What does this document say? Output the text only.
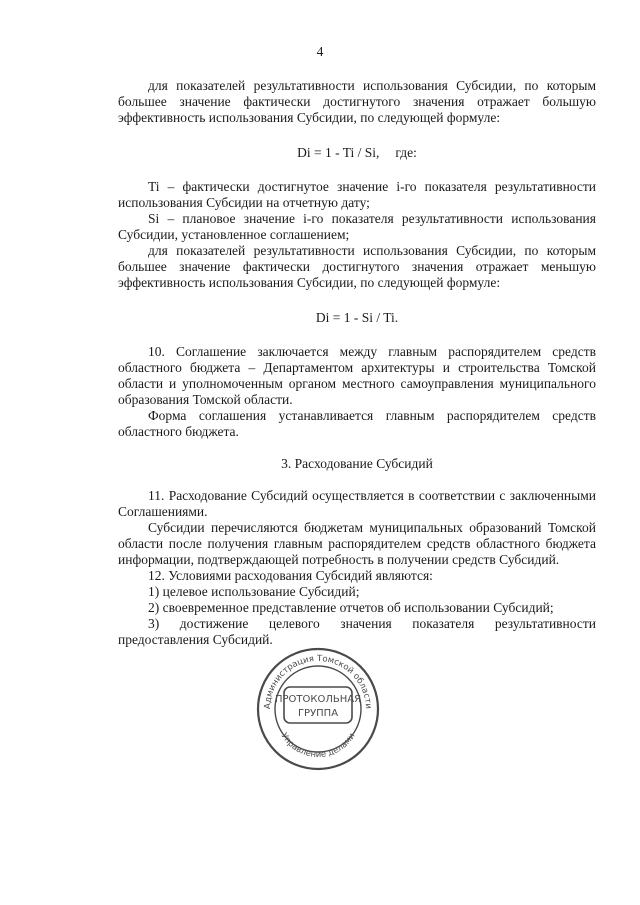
4

для показателей результативности использования Субсидии, по которым большее значение фактически достигнутого значения отражает большую эффективность использования Субсидии, по следующей формуле:

Di = 1 - Ti / Si, где:

Ti – фактически достигнутое значение i-го показателя результативности использования Субсидии на отчетную дату;

Si – плановое значение i-го показателя результативности использования Субсидии, установленное соглашением;

для показателей результативности использования Субсидии, по которым большее значение фактически достигнутого значения отражает меньшую эффективность использования Субсидии, по следующей формуле:

Di = 1 - Si / Ti.

10. Соглашение заключается между главным распорядителем средств областного бюджета – Департаментом архитектуры и строительства Томской области и уполномоченным органом местного самоуправления муниципального образования Томской области.

Форма соглашения устанавливается главным распорядителем средств областного бюджета.

3. Расходование Субсидий

11. Расходование Субсидий осуществляется в соответствии с заключенными Соглашениями.

Субсидии перечисляются бюджетам муниципальных образований Томской области после получения главным распорядителем средств областного бюджета информации, подтверждающей потребность в получении средств Субсидий.

12. Условиями расходования Субсидий являются:

1) целевое использование Субсидий;

2) своевременное представление отчетов об использовании Субсидий;

3) достижение целевого значения показателя результативности предоставления Субсидий.

Администрация Томской области
Управление делами
ПРОТОКОЛЬНАЯ
ГРУППА
